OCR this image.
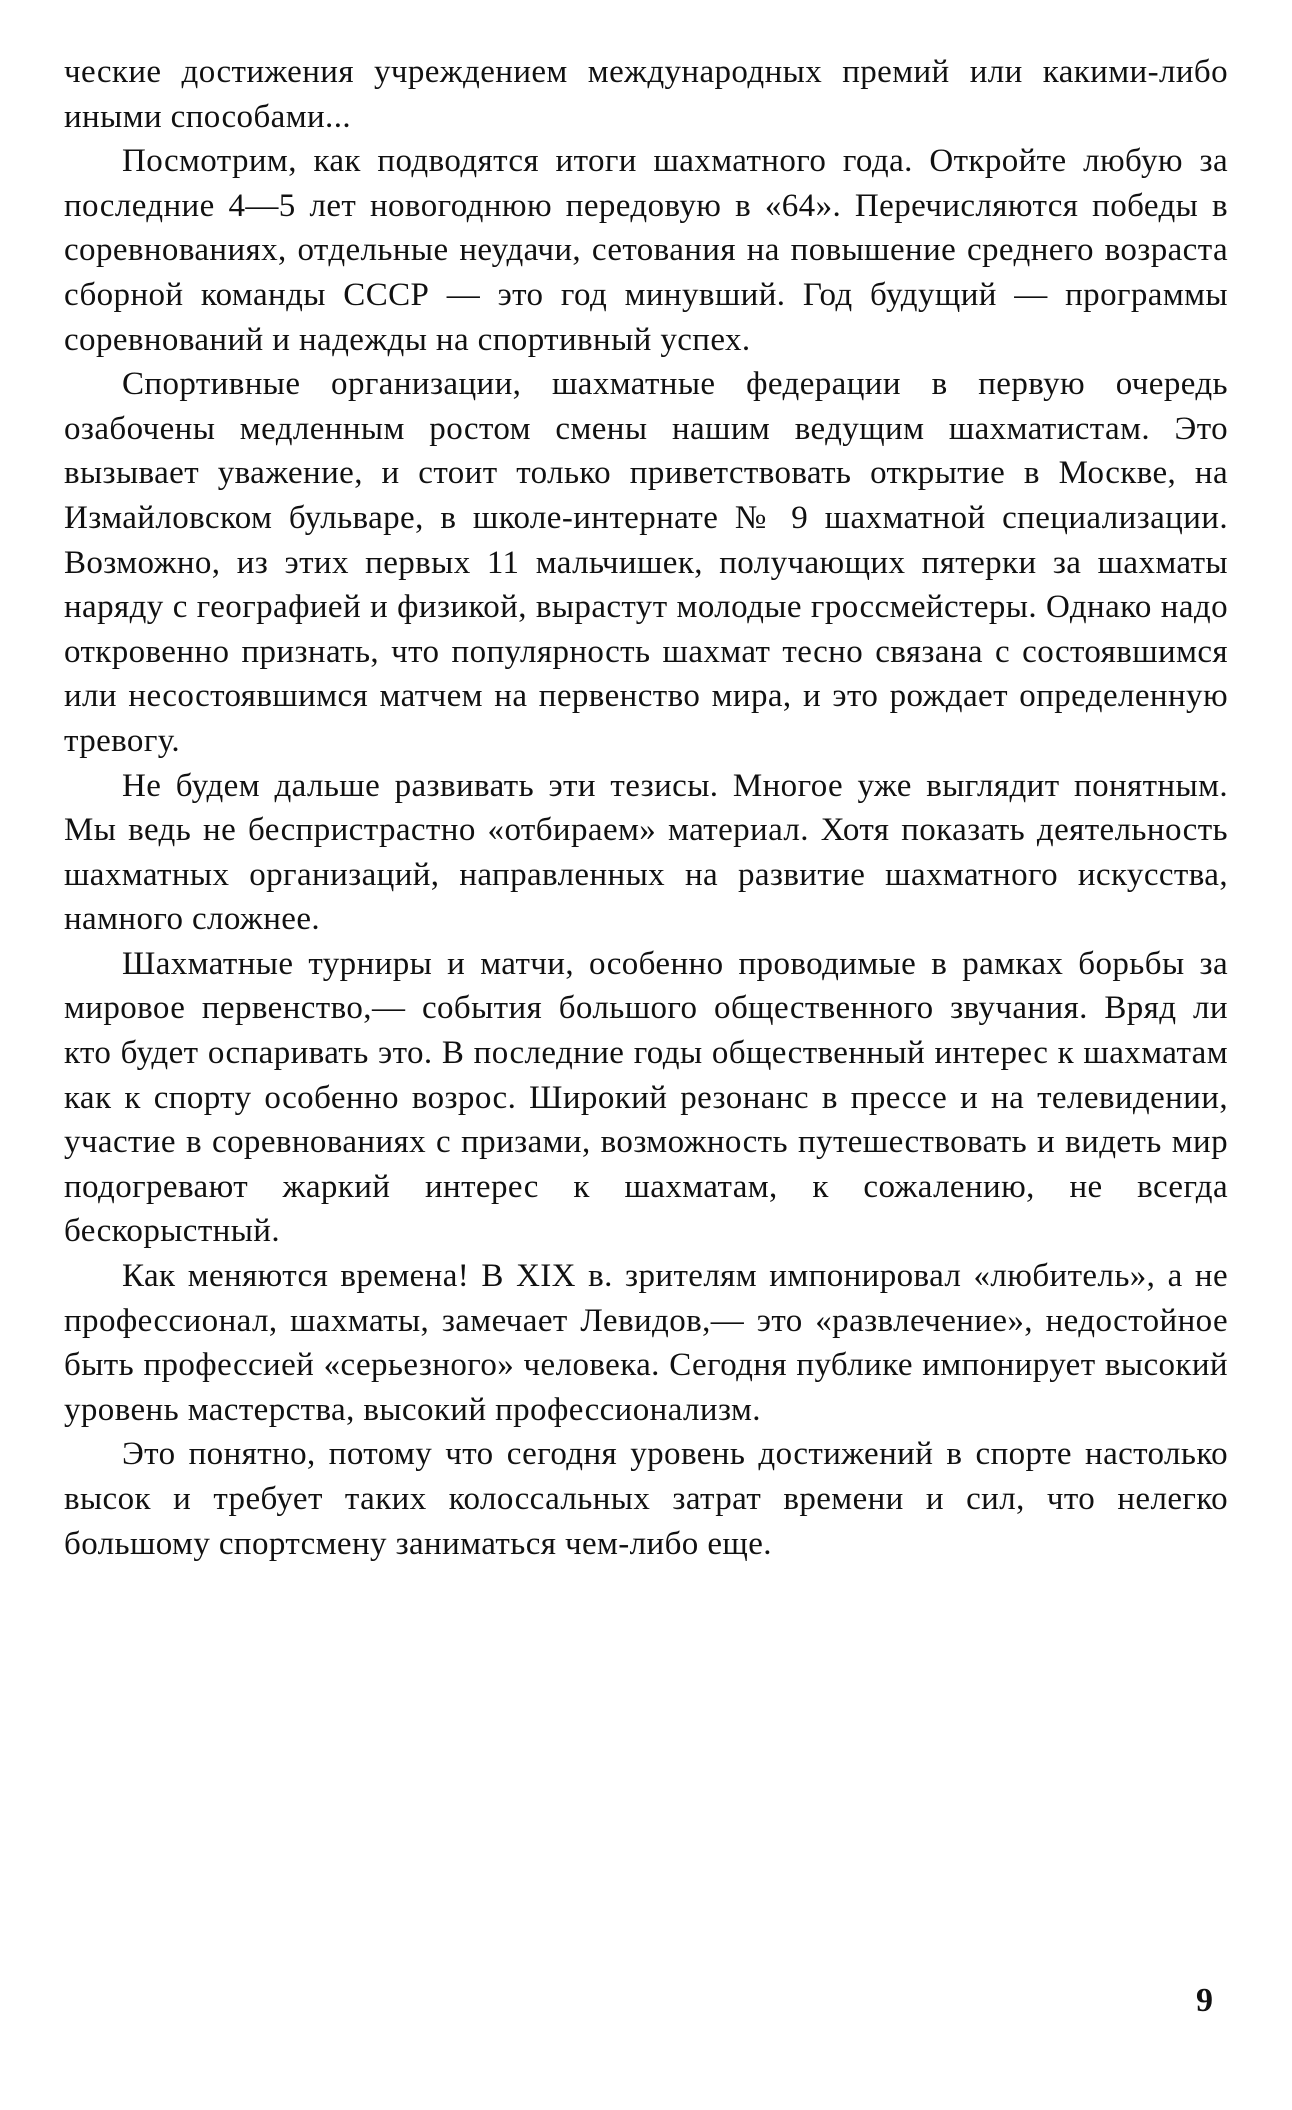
ческие достижения учреждением международных премий или какими-либо иными способами...

Посмотрим, как подводятся итоги шахматного года. Откройте любую за последние 4—5 лет новогоднюю передовую в «64». Перечисляются победы в соревнованиях, отдельные неудачи, сетования на повышение среднего возраста сборной команды СССР — это год минувший. Год будущий — программы соревнований и надежды на спортивный успех.

Спортивные организации, шахматные федерации в первую очередь озабочены медленным ростом смены нашим ведущим шахматистам. Это вызывает уважение, и стоит только приветствовать открытие в Москве, на Измайловском бульваре, в школе-интернате № 9 шахматной специализации. Возможно, из этих первых 11 мальчишек, получающих пятерки за шахматы наряду с географией и физикой, вырастут молодые гроссмейстеры. Однако надо откровенно признать, что популярность шахмат тесно связана с состоявшимся или несостоявшимся матчем на первенство мира, и это рождает определенную тревогу.

Не будем дальше развивать эти тезисы. Многое уже выглядит понятным. Мы ведь не беспристрастно «отбираем» материал. Хотя показать деятельность шахматных организаций, направленных на развитие шахматного искусства, намного сложнее.

Шахматные турниры и матчи, особенно проводимые в рамках борьбы за мировое первенство,— события большого общественного звучания. Вряд ли кто будет оспаривать это. В последние годы общественный интерес к шахматам как к спорту особенно возрос. Широкий резонанс в прессе и на телевидении, участие в соревнованиях с призами, возможность путешествовать и видеть мир подогревают жаркий интерес к шахматам, к сожалению, не всегда бескорыстный.

Как меняются времена! В XIX в. зрителям импонировал «любитель», а не профессионал, шахматы, замечает Левидов,— это «развлечение», недостойное быть профессией «серьезного» человека. Сегодня публике импонирует высокий уровень мастерства, высокий профессионализм.

Это понятно, потому что сегодня уровень достижений в спорте настолько высок и требует таких колоссальных затрат времени и сил, что нелегко большому спортсмену заниматься чем-либо еще.

9
